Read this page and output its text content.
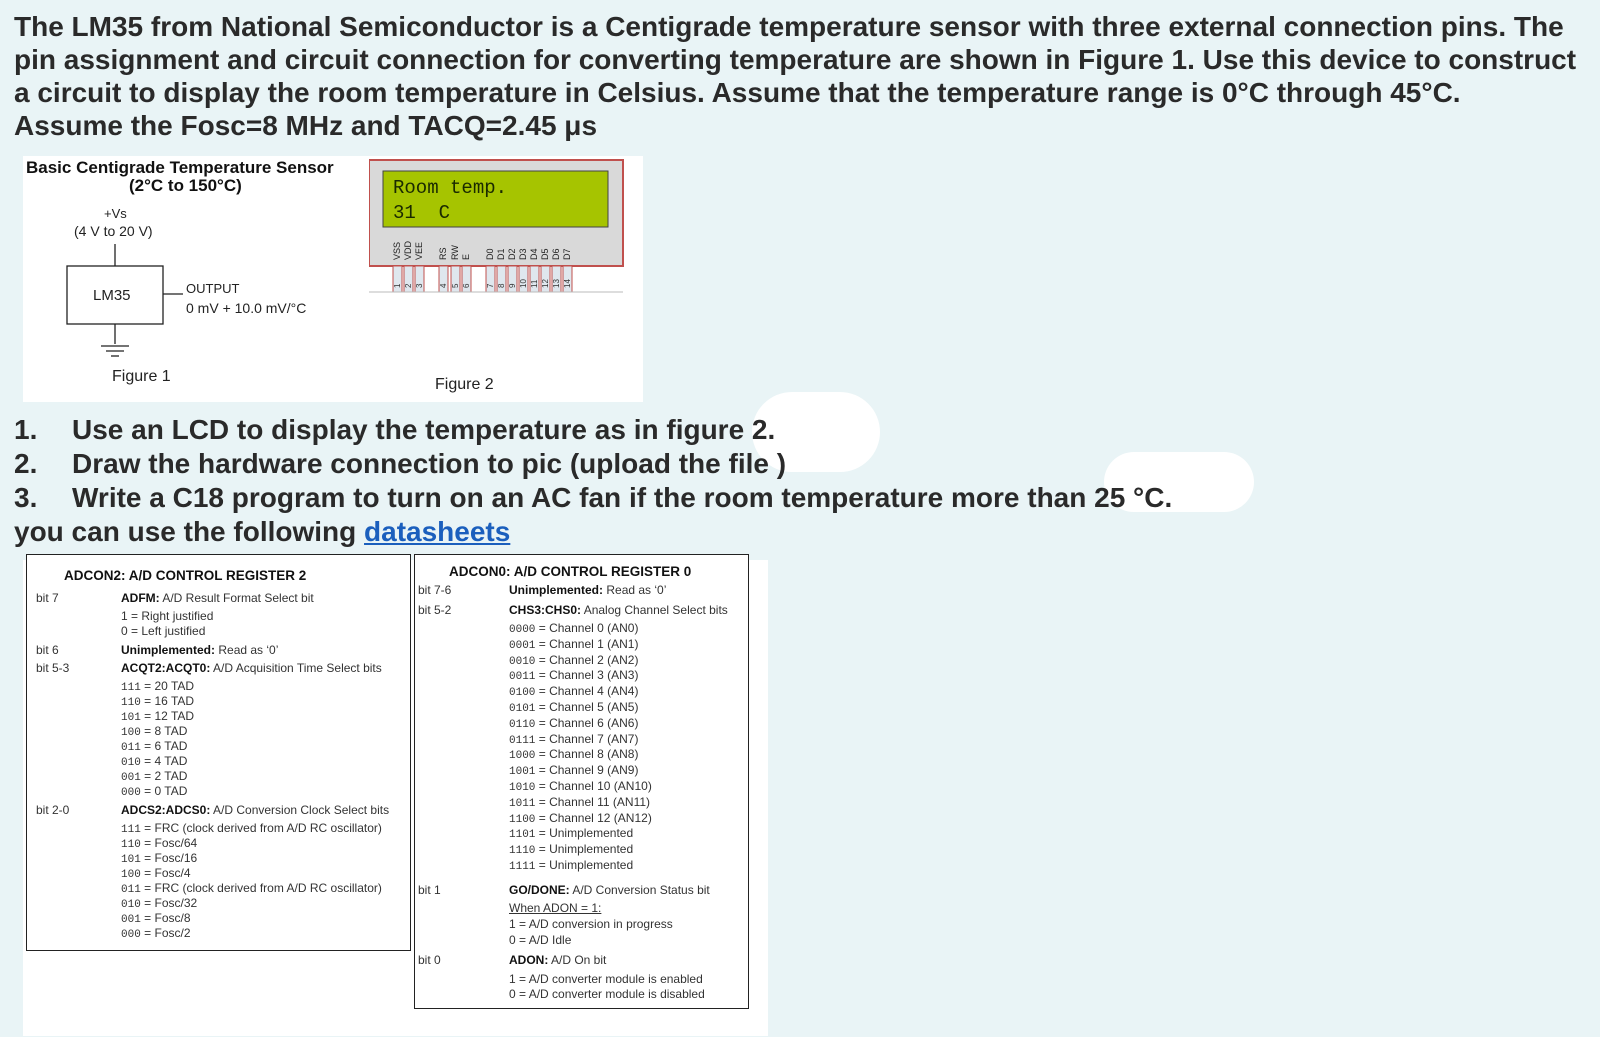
The LM35 from National Semiconductor is a Centigrade temperature sensor with three external connection pins. The pin assignment and circuit connection for converting temperature are shown in Figure 1. Use this device to construct a circuit to display the room temperature in Celsius. Assume that the temperature range is 0°C through 45°C.

Assume the Fosc=8 MHz and TACQ=2.45 μs

Basic Centigrade Temperature Sensor
(2°C to 150°C)
+Vs
(4 V to 20 V)
LM35	OUTPUT
0 mV + 10.0 mV/°C
Figure 1
Room temp.
31  C
VSS VDD VEE RS RW E D0 D1 D2 D3 D4 D5 D6 D7
1 2 3 4 5 6 7 8 9 10 11 12 13 14
Figure 2
1.	Use an LCD to display the temperature as in figure 2.
2.	Draw the hardware connection to pic (upload the file )
3.	Write a C18 program to turn on an AC fan if the room temperature more than 25 °C.
you can use the following datasheets
ADCON2: A/D CONTROL REGISTER 2
bit 7	ADFM: A/D Result Format Select bit
1 = Right justified
0 = Left justified
bit 6	Unimplemented: Read as ‘0’
bit 5-3	ACQT2:ACQT0: A/D Acquisition Time Select bits
111 = 20 TAD
110 = 16 TAD
101 = 12 TAD
100 = 8 TAD
011 = 6 TAD
010 = 4 TAD
001 = 2 TAD
000 = 0 TAD
bit 2-0	ADCS2:ADCS0: A/D Conversion Clock Select bits
111 = FRC (clock derived from A/D RC oscillator)
110 = Fosc/64
101 = Fosc/16
100 = Fosc/4
011 = FRC (clock derived from A/D RC oscillator)
010 = Fosc/32
001 = Fosc/8
000 = Fosc/2
ADCON0: A/D CONTROL REGISTER 0
bit 7-6	Unimplemented: Read as ‘0’
bit 5-2	CHS3:CHS0: Analog Channel Select bits
0000 = Channel 0 (AN0)
0001 = Channel 1 (AN1)
0010 = Channel 2 (AN2)
0011 = Channel 3 (AN3)
0100 = Channel 4 (AN4)
0101 = Channel 5 (AN5)
0110 = Channel 6 (AN6)
0111 = Channel 7 (AN7)
1000 = Channel 8 (AN8)
1001 = Channel 9 (AN9)
1010 = Channel 10 (AN10)
1011 = Channel 11 (AN11)
1100 = Channel 12 (AN12)
1101 = Unimplemented
1110 = Unimplemented
1111 = Unimplemented
bit 1	GO/DONE: A/D Conversion Status bit
When ADON = 1:
1 = A/D conversion in progress
0 = A/D Idle
bit 0	ADON: A/D On bit
1 = A/D converter module is enabled
0 = A/D converter module is disabled
